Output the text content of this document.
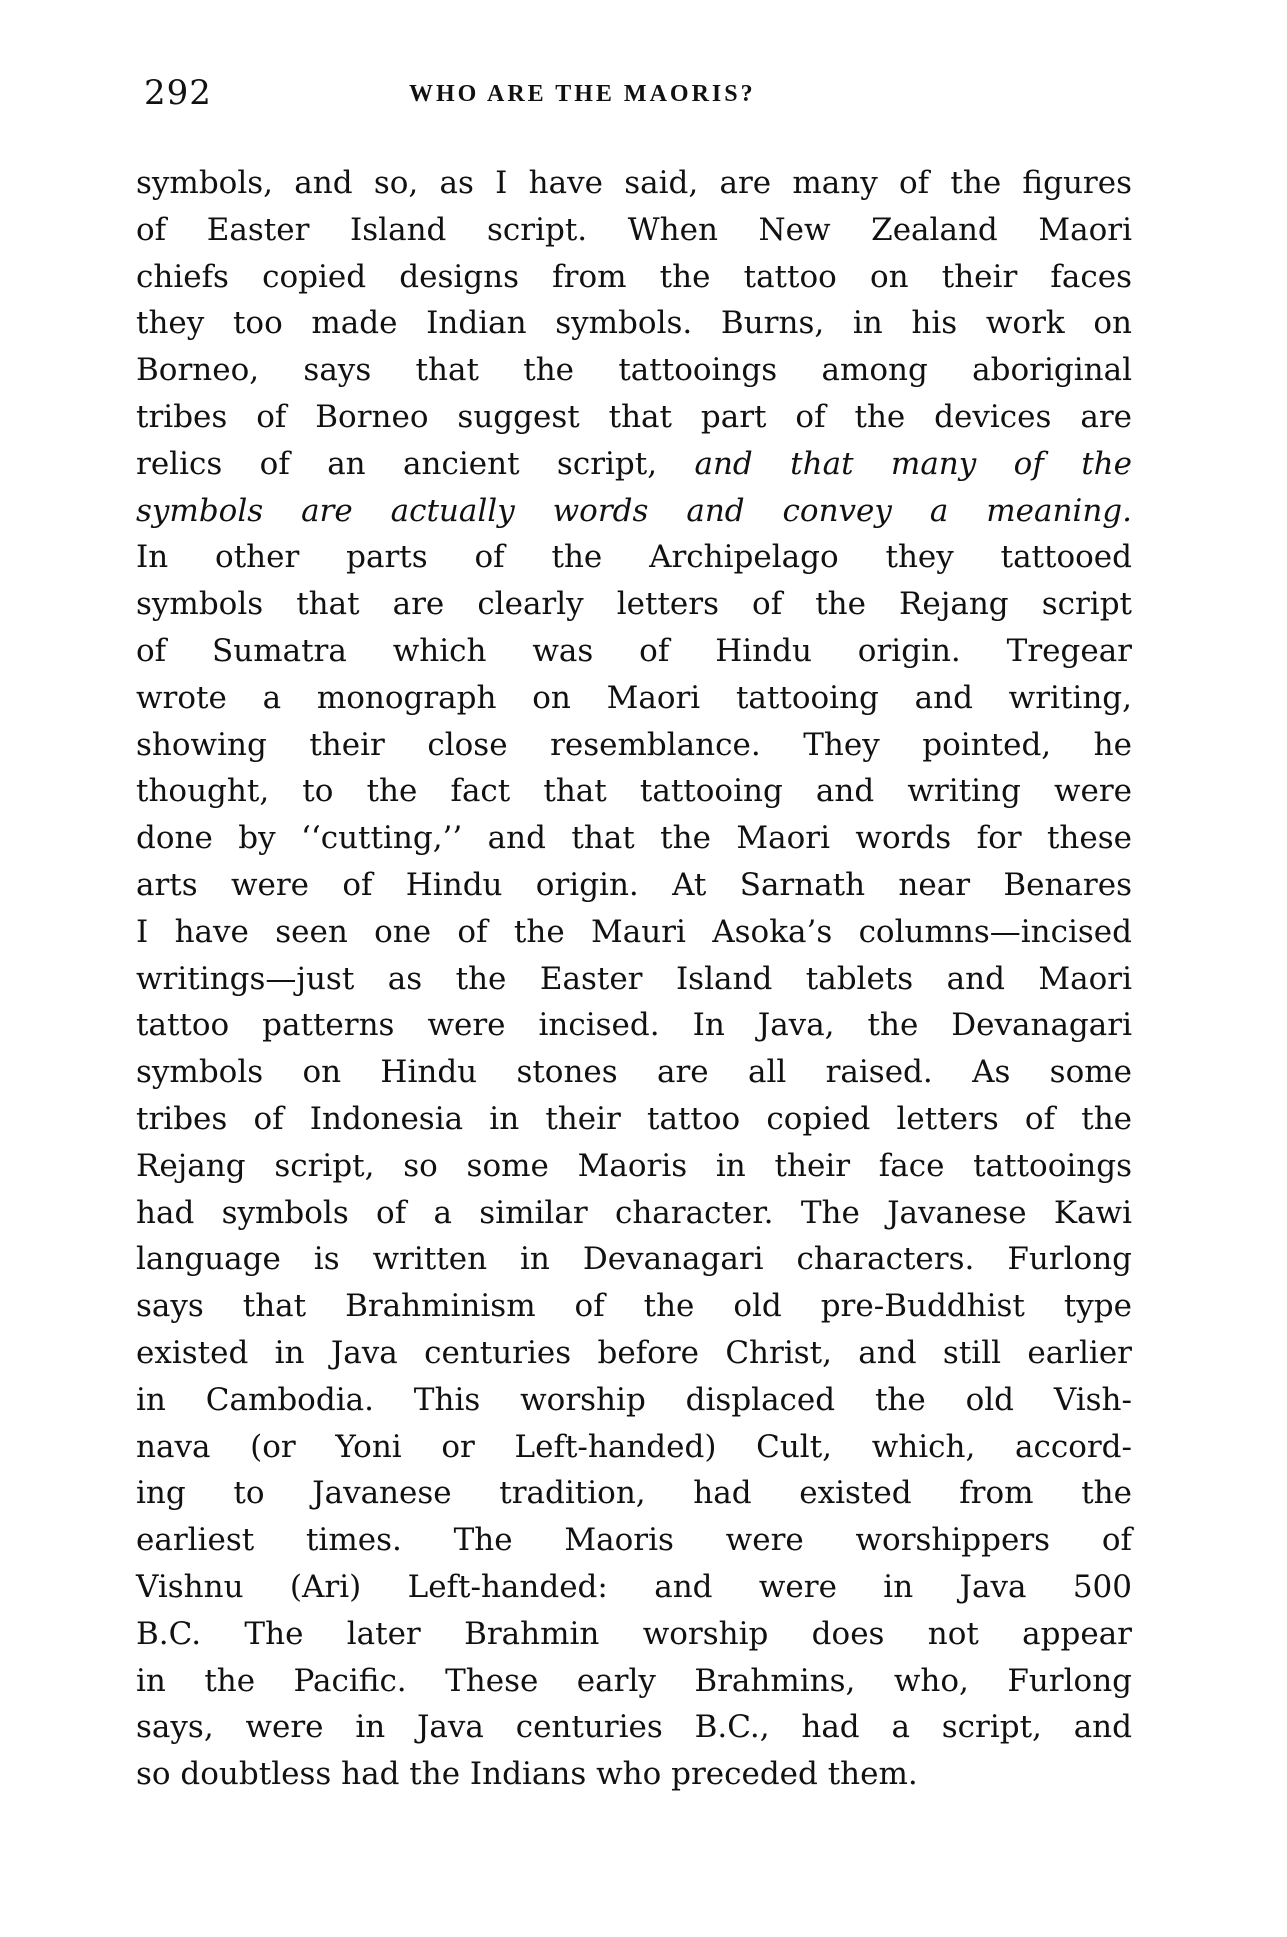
292	WHO ARE THE MAORIS?
symbols, and so, as I have said, are many of the figures
of Easter Island script. When New Zealand Maori
chiefs copied designs from the tattoo on their faces
they too made Indian symbols. Burns, in his work on
Borneo, says that the tattooings among aboriginal
tribes of Borneo suggest that part of the devices are
relics of an ancient script, and that many of the
symbols are actually words and convey a meaning.
In other parts of the Archipelago they tattooed
symbols that are clearly letters of the Rejang script
of Sumatra which was of Hindu origin. Tregear
wrote a monograph on Maori tattooing and writing,
showing their close resemblance. They pointed, he
thought, to the fact that tattooing and writing were
done by ‘‘cutting,’’ and that the Maori words for these
arts were of Hindu origin. At Sarnath near Benares
I have seen one of the Mauri Asoka’s columns—incised
writings—just as the Easter Island tablets and Maori
tattoo patterns were incised. In Java, the Devanagari
symbols on Hindu stones are all raised. As some
tribes of Indonesia in their tattoo copied letters of the
Rejang script, so some Maoris in their face tattooings
had symbols of a similar character. The Javanese Kawi
language is written in Devanagari characters. Furlong
says that Brahminism of the old pre-Buddhist type
existed in Java centuries before Christ, and still earlier
in Cambodia. This worship displaced the old Vish-
nava (or Yoni or Left-handed) Cult, which, accord-
ing to Javanese tradition, had existed from the
earliest times. The Maoris were worshippers of
Vishnu (Ari) Left-handed: and were in Java 500
B.C. The later Brahmin worship does not appear
in the Pacific. These early Brahmins, who, Furlong
says, were in Java centuries B.C., had a script, and
so doubtless had the Indians who preceded them.
